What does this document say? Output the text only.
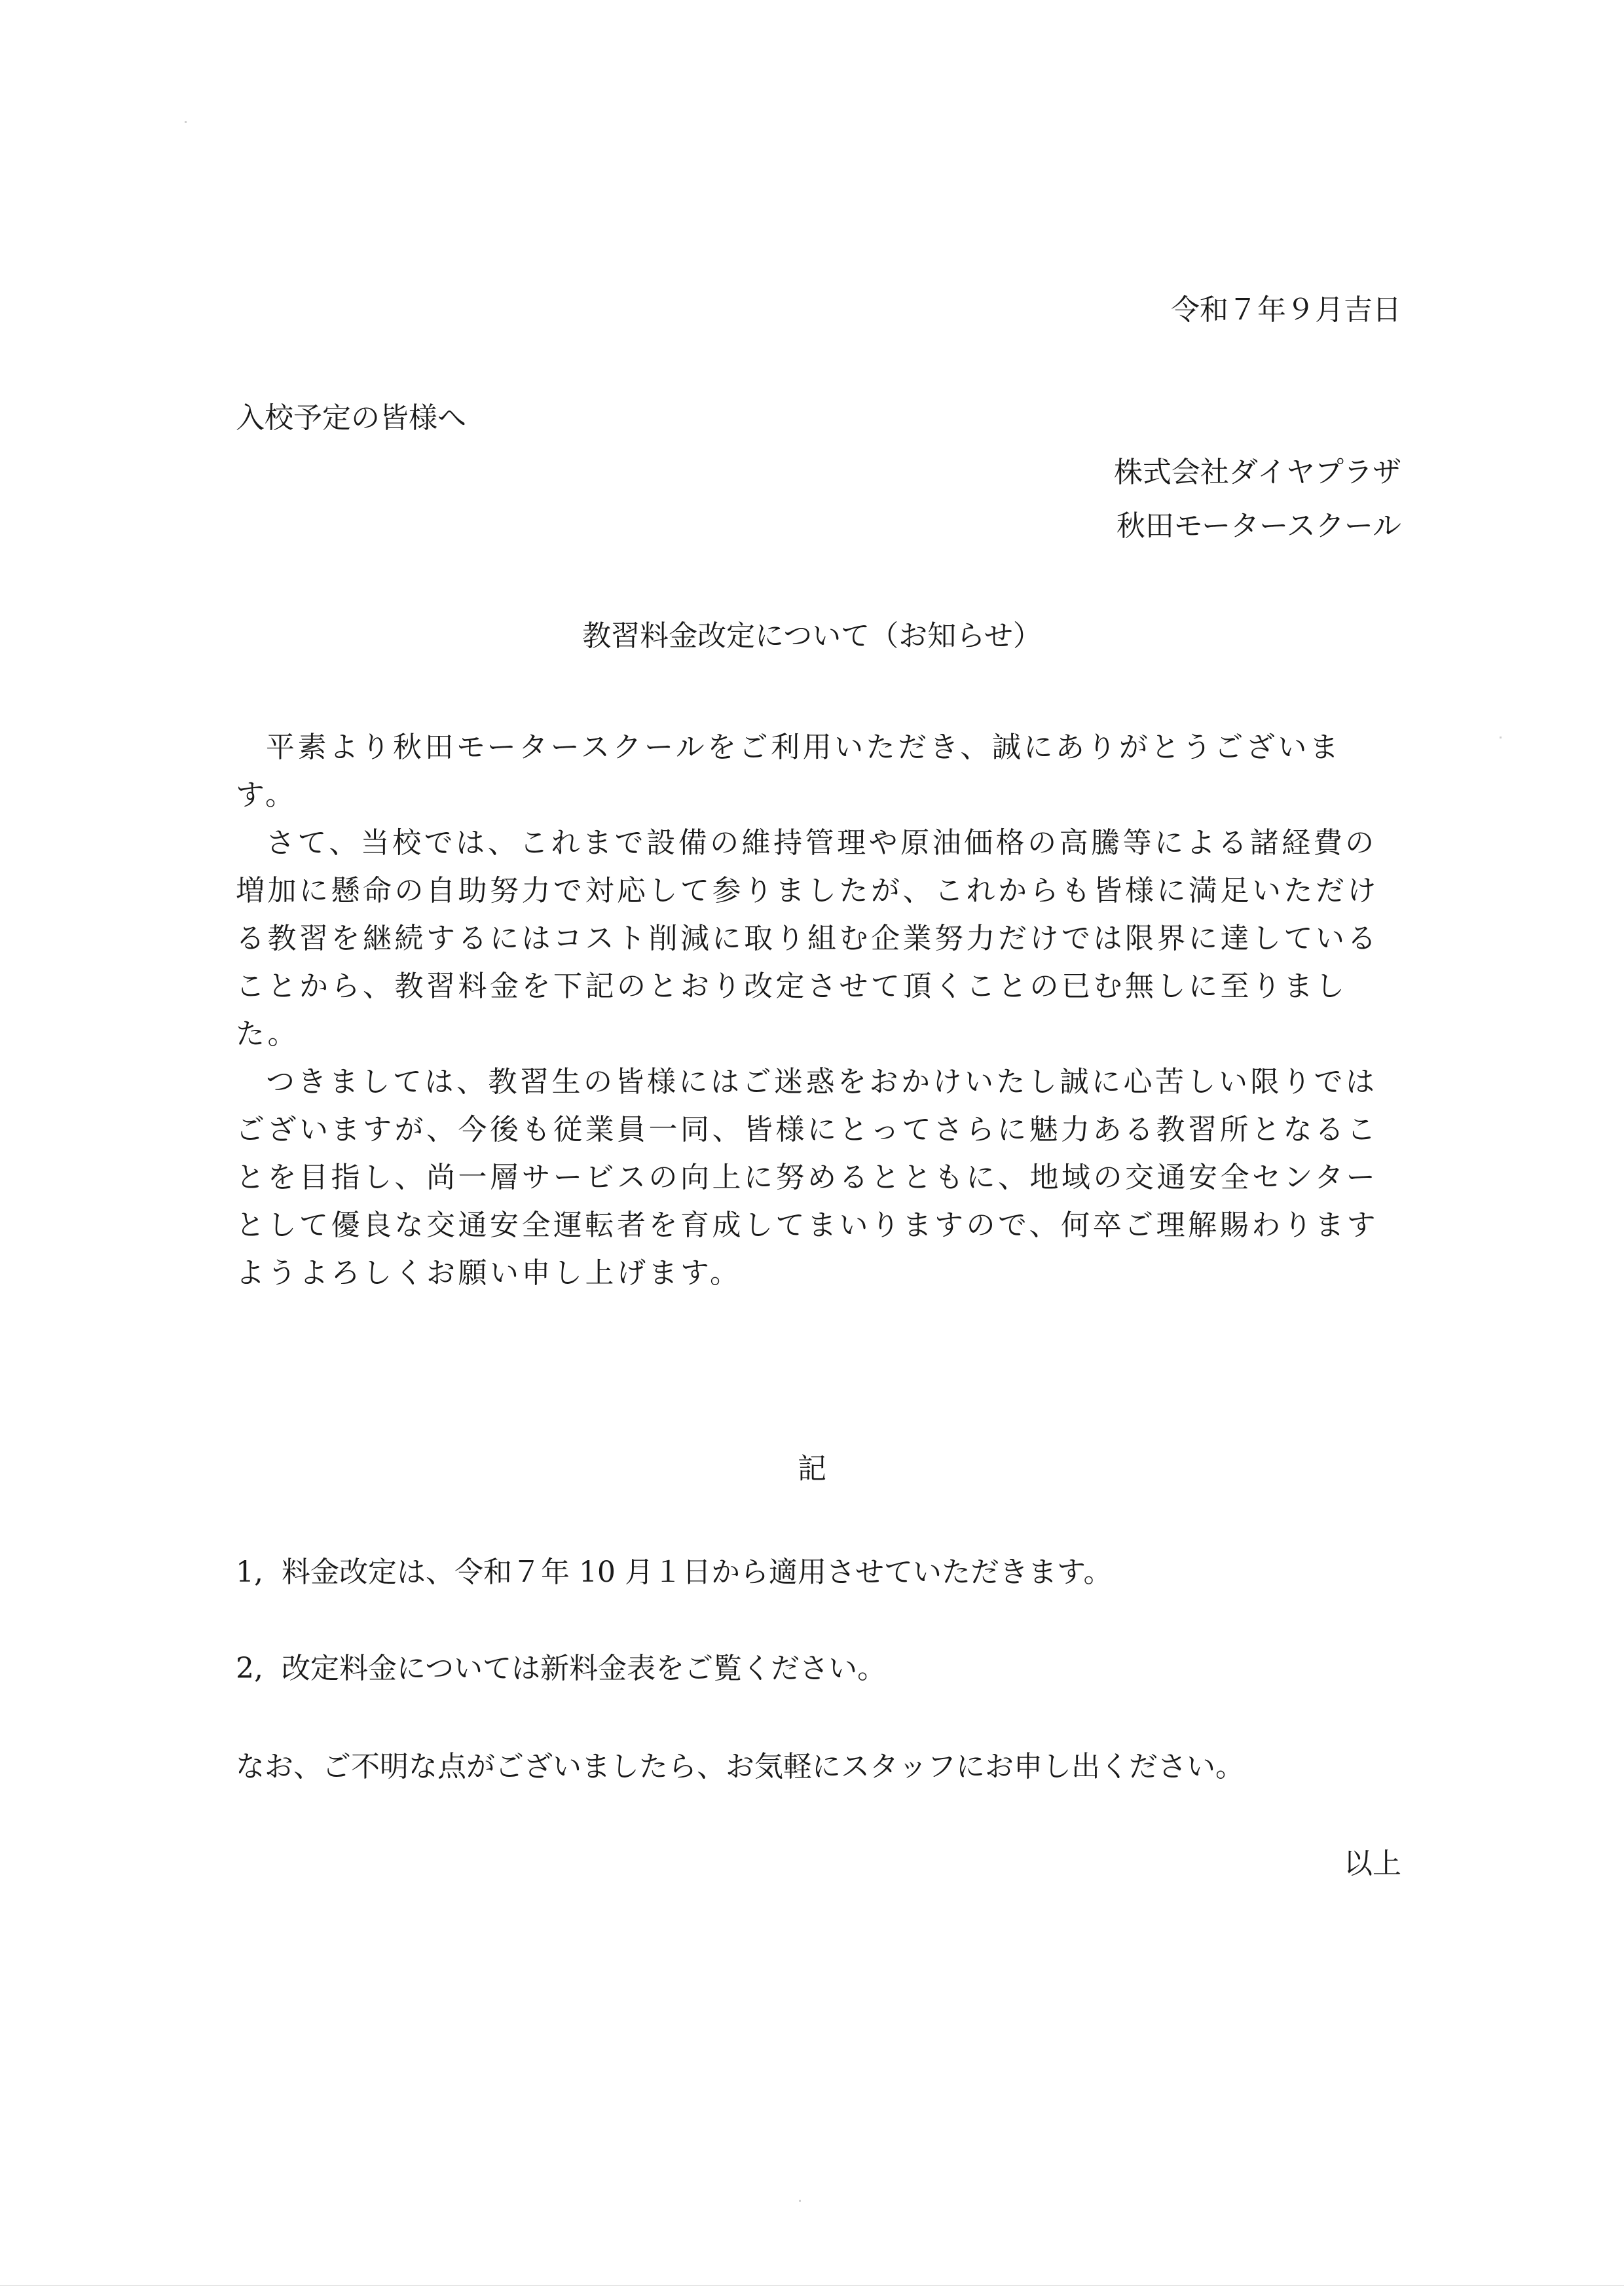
令和７年９月吉日
入校予定の皆様へ
株式会社ダイヤプラザ
秋田モータースクール
教習料金改定について（お知らせ）

平素より秋田モータースクールをご利用いただき、誠にありがとうございます。

さて、当校では、これまで設備の維持管理や原油価格の高騰等による諸経費の増加に懸命の自助努力で対応して参りましたが、これからも皆様に満足いただける教習を継続するにはコスト削減に取り組む企業努力だけでは限界に達していることから、教習料金を下記のとおり改定させて頂くことの已む無しに至りました。

つきましては、教習生の皆様にはご迷惑をおかけいたし誠に心苦しい限りではございますが、今後も従業員一同、皆様にとってさらに魅力ある教習所となることを目指し、尚一層サービスの向上に努めるとともに、地域の交通安全センターとして優良な交通安全運転者を育成してまいりますので、何卒ご理解賜わりますようよろしくお願い申し上げます。

記
1, 料金改定は、令和７年 10 月１日から適用させていただきます。
2, 改定料金については新料金表をご覧ください。
なお、ご不明な点がございましたら、お気軽にスタッフにお申し出ください。
以上
